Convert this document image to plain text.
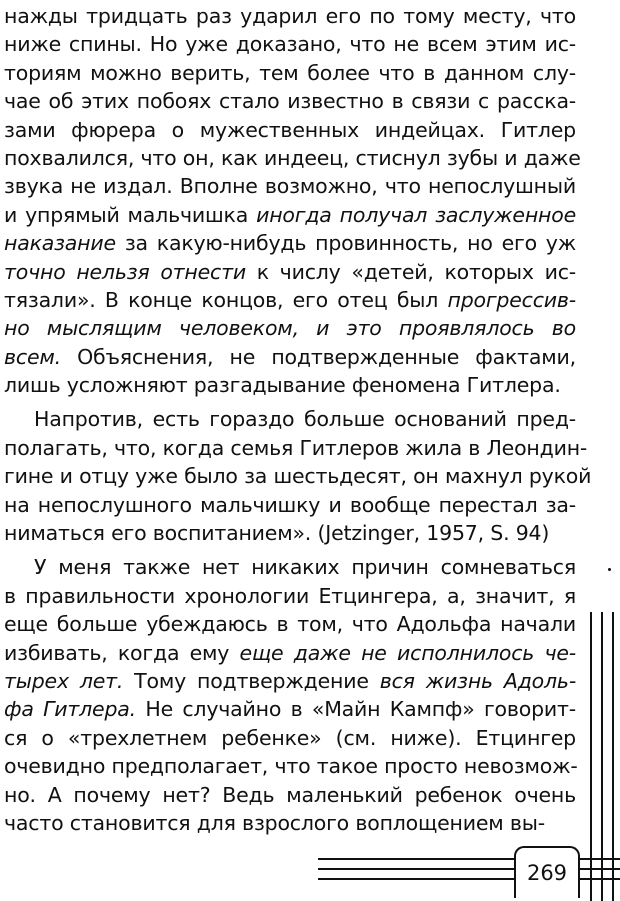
нажды тридцать раз ударил его по тому месту, что
ниже спины. Но уже доказано, что не всем этим ис-
ториям можно верить, тем более что в данном слу-
чае об этих побоях стало известно в связи с расска-
зами фюрера о мужественных индейцах. Гитлер
похвалился, что он, как индеец, стиснул зубы и даже
звука не издал. Вполне возможно, что непослушный
и упрямый мальчишка иногда получал заслуженное
наказание за какую-нибудь провинность, но его уж
точно нельзя отнести к числу «детей, которых ис-
тязали». В конце концов, его отец был прогрессив-
но мыслящим человеком, и это проявлялось во
всем. Объяснения, не подтвержденные фактами,
лишь усложняют разгадывание феномена Гитлера.
Напротив, есть гораздо больше оснований пред-
полагать, что, когда семья Гитлеров жила в Леондин-
гине и отцу уже было за шестьдесят, он махнул рукой
на непослушного мальчишку и вообще перестал за-
ниматься его воспитанием». (Jetzinger, 1957, S. 94)
У меня также нет никаких причин сомневаться
в правильности хронологии Етцингера, а, значит, я
еще больше убеждаюсь в том, что Адольфа начали
избивать, когда ему еще даже не исполнилось че-
тырех лет. Тому подтверждение вся жизнь Адоль-
фа Гитлера. Не случайно в «Майн Кампф» говорит-
ся о «трехлетнем ребенке» (см. ниже). Етцингер
очевидно предполагает, что такое просто невозмож-
но. А почему нет? Ведь маленький ребенок очень
часто становится для взрослого воплощением вы-
269
